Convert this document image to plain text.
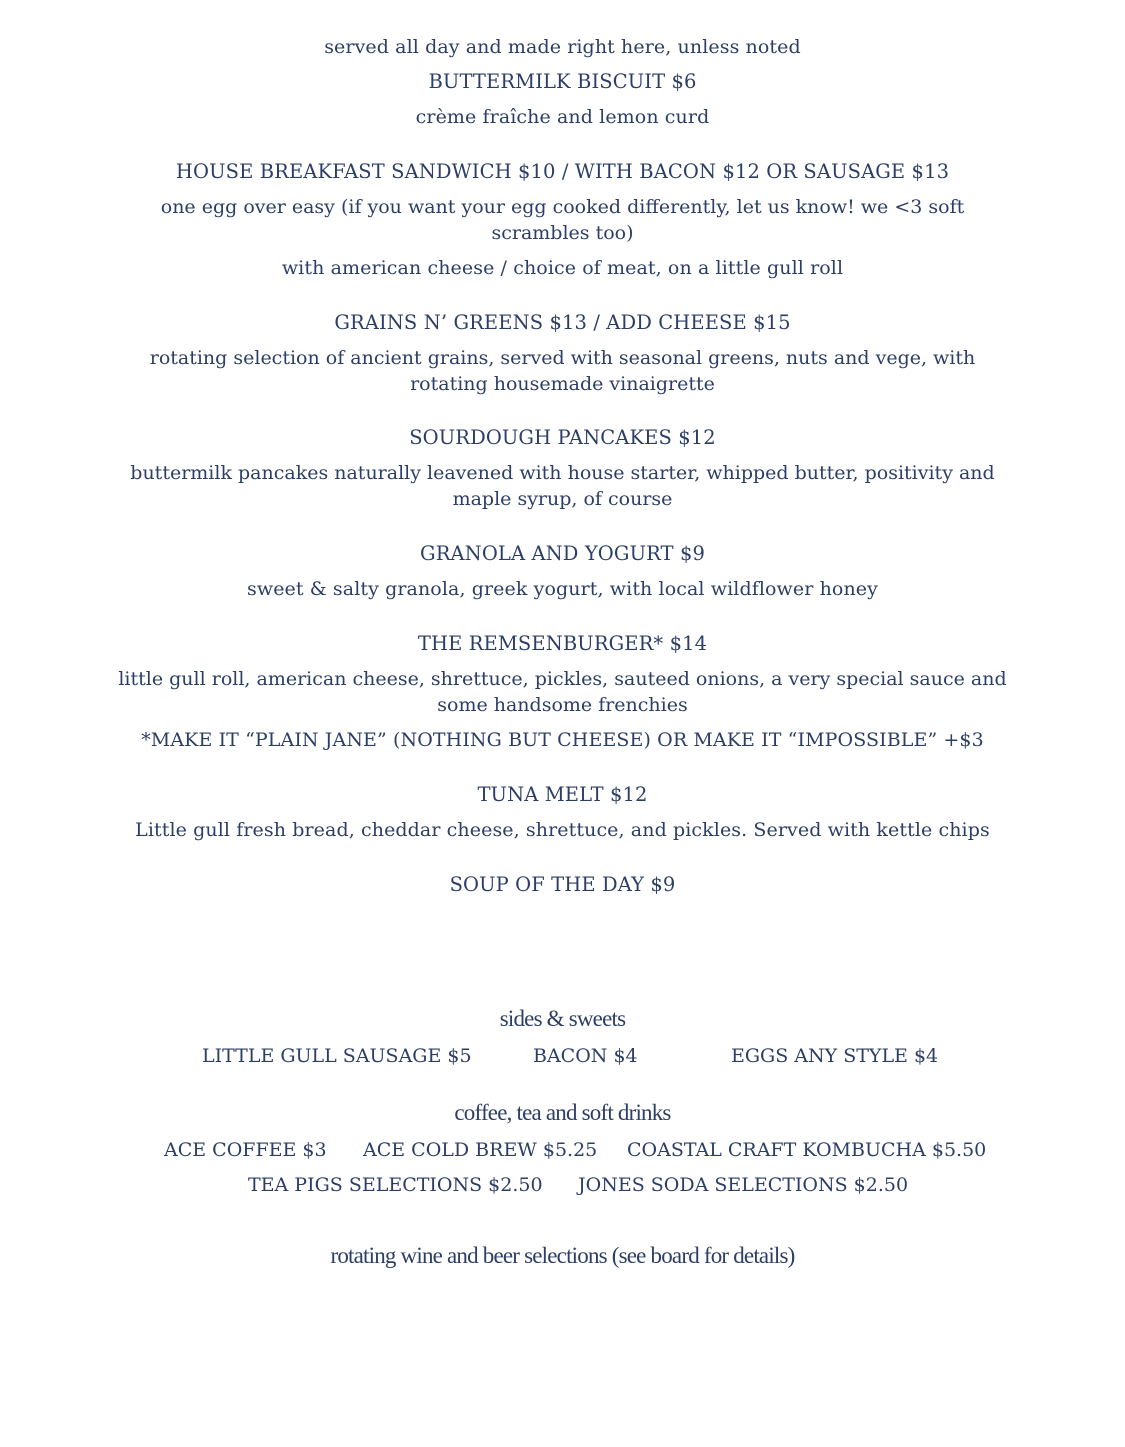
served all day and made right here, unless noted
BUTTERMILK BISCUIT $6
crème fraîche and lemon curd
HOUSE BREAKFAST SANDWICH $10 / WITH BACON $12 OR SAUSAGE $13
one egg over easy (if you want your egg cooked differently, let us know! we <3 soft
scrambles too)
with american cheese / choice of meat, on a little gull roll
GRAINS N’ GREENS $13 / ADD CHEESE $15
rotating selection of ancient grains, served with seasonal greens, nuts and vege, with
rotating housemade vinaigrette
SOURDOUGH PANCAKES $12
buttermilk pancakes naturally leavened with house starter, whipped butter, positivity and
maple syrup, of course
GRANOLA AND YOGURT $9
sweet & salty granola, greek yogurt, with local wildflower honey
THE REMSENBURGER* $14
little gull roll, american cheese, shrettuce, pickles, sauteed onions, a very special sauce and
some handsome frenchies
*MAKE IT “PLAIN JANE” (NOTHING BUT CHEESE) OR MAKE IT “IMPOSSIBLE” +$3
TUNA MELT $12
Little gull fresh bread, cheddar cheese, shrettuce, and pickles. Served with kettle chips
SOUP OF THE DAY $9
sides & sweets
LITTLE GULL SAUSAGE $5	BACON $4	EGGS ANY STYLE $4
coffee, tea and soft drinks
ACE COFFEE $3 ACE COLD BREW $5.25 COASTAL CRAFT KOMBUCHA $5.50
TEA PIGS SELECTIONS $2.50 JONES SODA SELECTIONS $2.50
rotating wine and beer selections (see board for details)
